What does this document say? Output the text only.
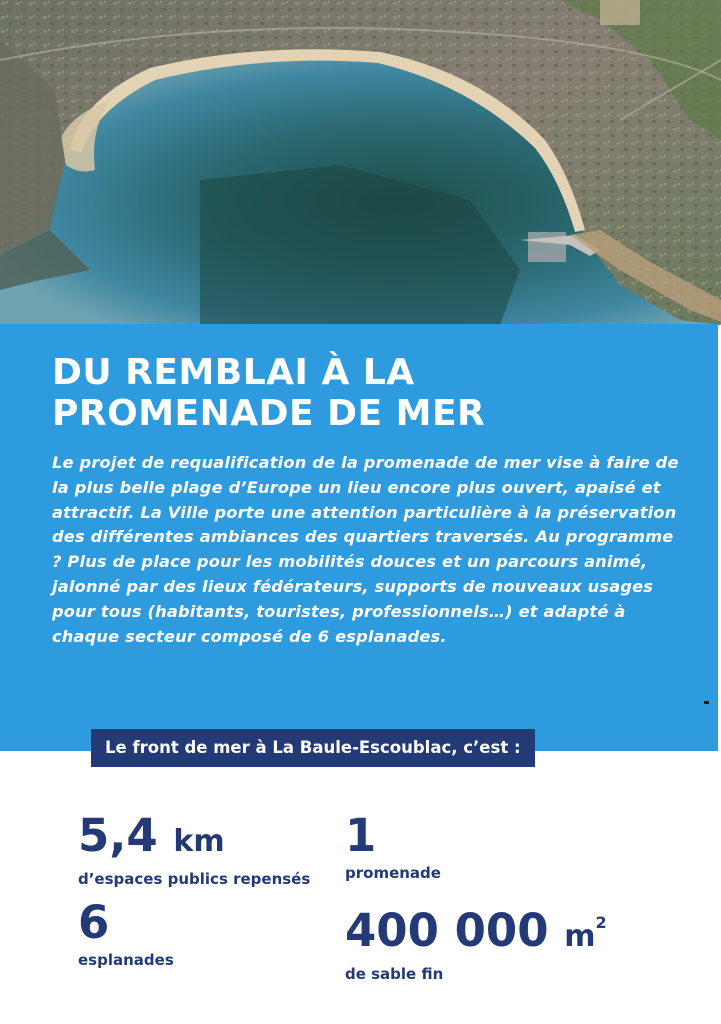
DU REMBLAI À LA
PROMENADE DE MER

Le projet de requalification de la promenade de mer vise à faire de la plus belle plage d’Europe un lieu encore plus ouvert, apaisé et attractif. La Ville porte une attention particulière à la préservation des différentes ambiances des quartiers traversés. Au programme ? Plus de place pour les mobilités douces et un parcours animé, jalonné par des lieux fédérateurs, supports de nouveaux usages pour tous (habitants, touristes, professionnels…) et adapté à chaque secteur composé de 6 esplanades.

Le front de mer à La Baule-Escoublac, c’est :
5,4 km
d’espaces publics repensés
1
promenade
6
esplanades
400 000 $m^2$
de sable fin
